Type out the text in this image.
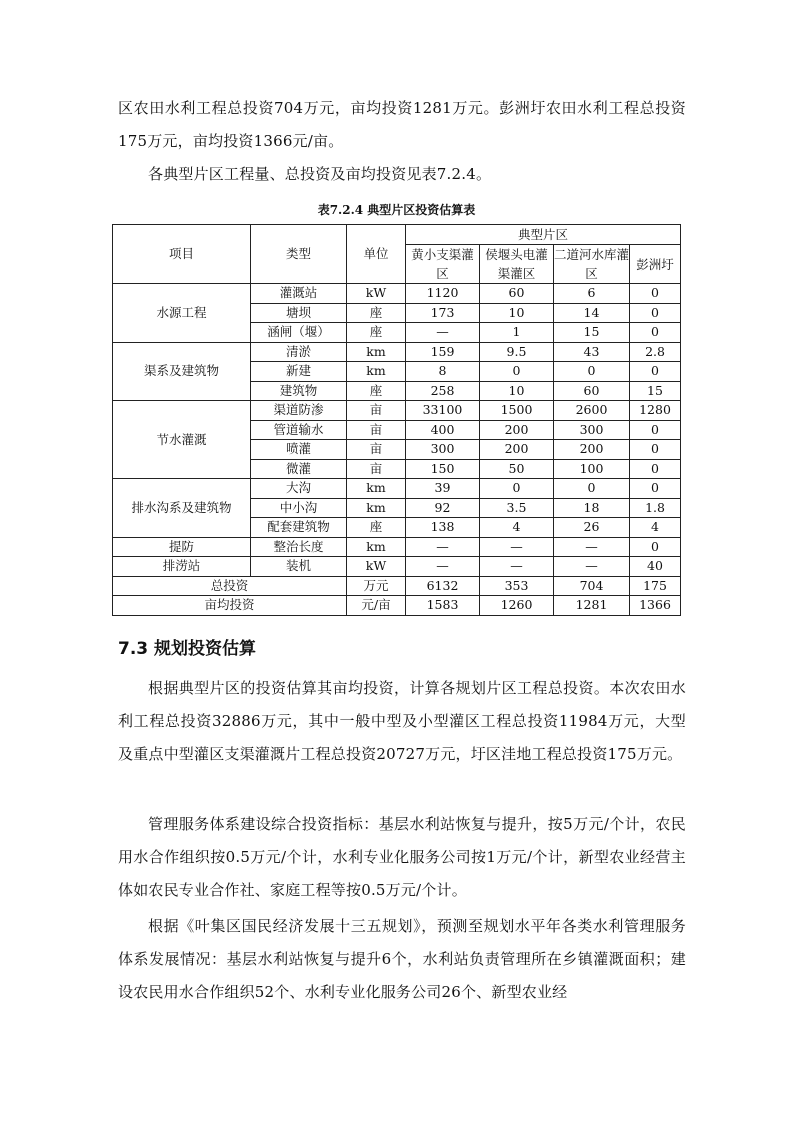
区农田水利工程总投资704万元，亩均投资1281万元。彭洲圩农田水利工程总投资175万元，亩均投资1366元/亩。

各典型片区工程量、总投资及亩均投资见表7.2.4。

表7.2.4 典型片区投资估算表
项目	类型	单位	典型片区			
			黄小支渠灌区	侯堰头电灌渠灌区	二道河水库灌区	彭洲圩
水源工程	灌溉站	kW	1120	60	6	0
	塘坝	座	173	10	14	0
	涵闸（堰）	座	—	1	15	0
渠系及建筑物	清淤	km	159	9.5	43	2.8
	新建	km	8	0	0	0
	建筑物	座	258	10	60	15
节水灌溉	渠道防渗	亩	33100	1500	2600	1280
	管道输水	亩	400	200	300	0
	喷灌	亩	300	200	200	0
	微灌	亩	150	50	100	0
排水沟系及建筑物	大沟	km	39	0	0	0
	中小沟	km	92	3.5	18	1.8
	配套建筑物	座	138	4	26	4
提防	整治长度	km	—	—	—	0
排涝站	装机	kW	—	—	—	40
总投资		万元	6132	353	704	175
亩均投资		元/亩	1583	1260	1281	1366
7.3 规划投资估算

根据典型片区的投资估算其亩均投资，计算各规划片区工程总投资。本次农田水利工程总投资32886万元，其中一般中型及小型灌区工程总投资11984万元，大型及重点中型灌区支渠灌溉片工程总投资20727万元，圩区洼地工程总投资175万元。

管理服务体系建设综合投资指标：基层水利站恢复与提升，按5万元/个计，农民用水合作组织按0.5万元/个计，水利专业化服务公司按1万元/个计，新型农业经营主体如农民专业合作社、家庭工程等按0.5万元/个计。

根据《叶集区国民经济发展十三五规划》，预测至规划水平年各类水利管理服务体系发展情况：基层水利站恢复与提升6个，水利站负责管理所在乡镇灌溉面积；建设农民用水合作组织52个、水利专业化服务公司26个、新型农业经
